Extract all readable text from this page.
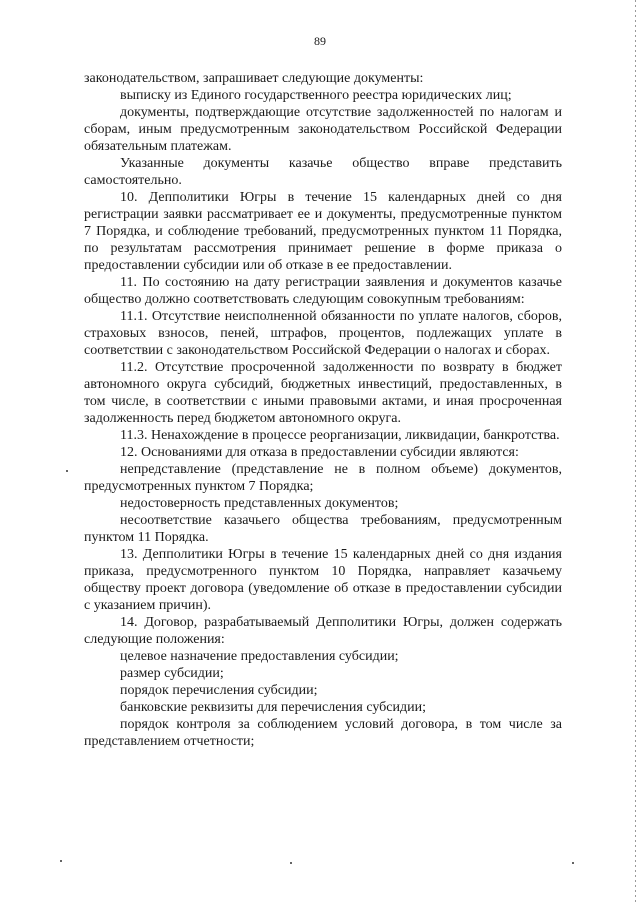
89

законодательством, запрашивает следующие документы:

выписку из Единого государственного реестра юридических лиц;

документы, подтверждающие отсутствие задолженностей по налогам и сборам, иным предусмотренным законодательством Российской Федерации обязательным платежам.

Указанные документы казачье общество вправе представить самостоятельно.

10. Депполитики Югры в течение 15 календарных дней со дня регистрации заявки рассматривает ее и документы, предусмотренные пунктом 7 Порядка, и соблюдение требований, предусмотренных пунктом 11 Порядка, по результатам рассмотрения принимает решение в форме приказа о предоставлении субсидии или об отказе в ее предоставлении.

11. По состоянию на дату регистрации заявления и документов казачье общество должно соответствовать следующим совокупным требованиям:

11.1. Отсутствие неисполненной обязанности по уплате налогов, сборов, страховых взносов, пеней, штрафов, процентов, подлежащих уплате в соответствии с законодательством Российской Федерации о налогах и сборах.

11.2. Отсутствие просроченной задолженности по возврату в бюджет автономного округа субсидий, бюджетных инвестиций, предоставленных, в том числе, в соответствии с иными правовыми актами, и иная просроченная задолженность перед бюджетом автономного округа.

11.3. Ненахождение в процессе реорганизации, ликвидации, банкротства.

12. Основаниями для отказа в предоставлении субсидии являются:

непредставление (представление не в полном объеме) документов, предусмотренных пунктом 7 Порядка;

недостоверность представленных документов;

несоответствие казачьего общества требованиям, предусмотренным пунктом 11 Порядка.

13. Депполитики Югры в течение 15 календарных дней со дня издания приказа, предусмотренного пунктом 10 Порядка, направляет казачьему обществу проект договора (уведомление об отказе в предоставлении субсидии с указанием причин).

14. Договор, разрабатываемый Депполитики Югры, должен содержать следующие положения:

целевое назначение предоставления субсидии;

размер субсидии;

порядок перечисления субсидии;

банковские реквизиты для перечисления субсидии;

порядок контроля за соблюдением условий договора, в том числе за представлением отчетности;
